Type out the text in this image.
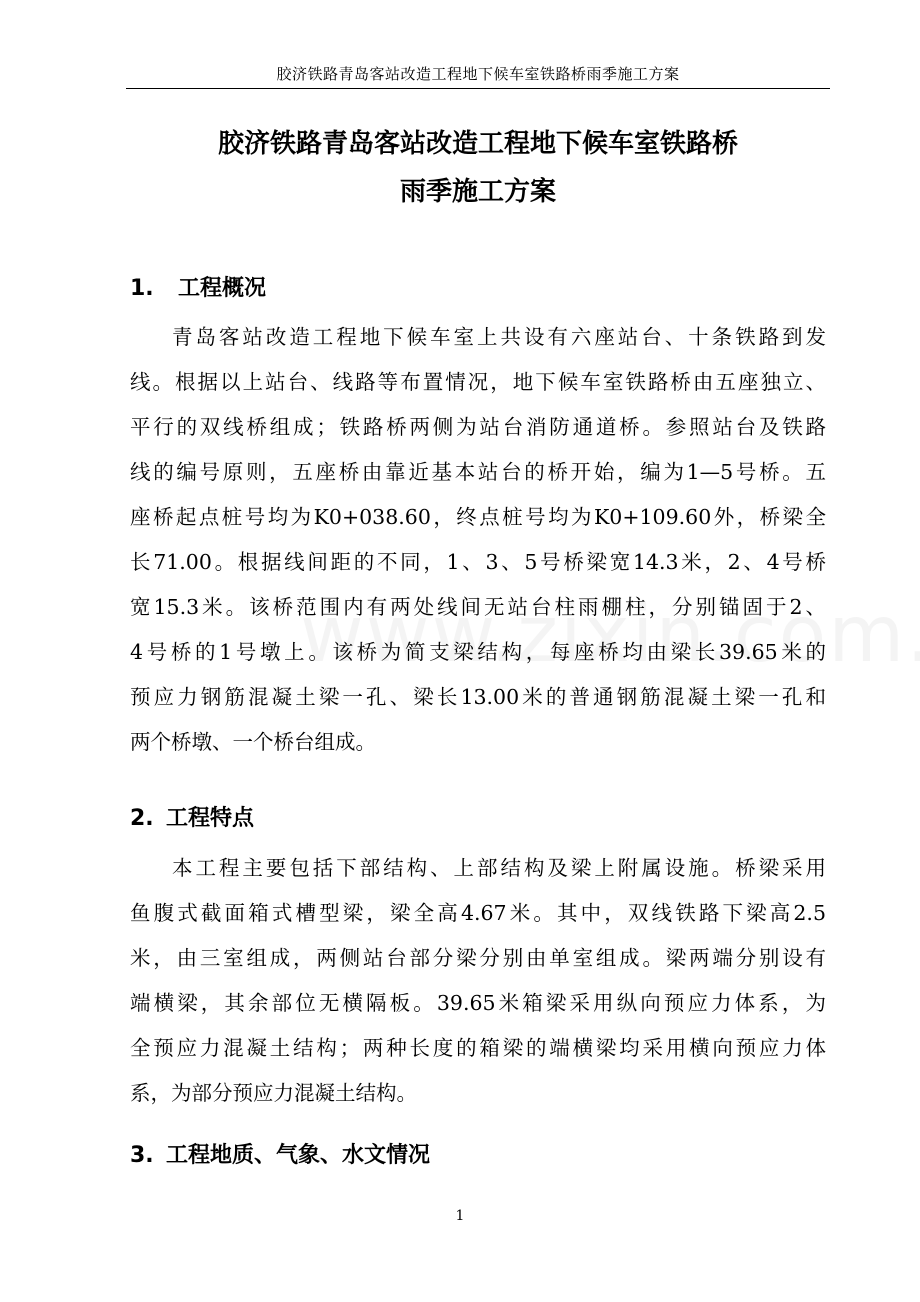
胶济铁路青岛客站改造工程地下候车室铁路桥雨季施工方案
胶济铁路青岛客站改造工程地下候车室铁路桥
雨季施工方案
1. 工程概况
青岛客站改造工程地下候车室上共设有六座站台、十条铁路到发
线。根据以上站台、线路等布置情况，地下候车室铁路桥由五座独立、
平行的双线桥组成；铁路桥两侧为站台消防通道桥。参照站台及铁路
线的编号原则，五座桥由靠近基本站台的桥开始，编为1—5号桥。五
座桥起点桩号均为K0+038.60，终点桩号均为K0+109.60外，桥梁全
长71.00。根据线间距的不同，1、3、5号桥梁宽14.3米，2、4号桥
宽15.3米。该桥范围内有两处线间无站台柱雨棚柱，分别锚固于2、
4号桥的1号墩上。该桥为简支梁结构，每座桥均由梁长39.65米的
预应力钢筋混凝土梁一孔、梁长13.00米的普通钢筋混凝土梁一孔和
两个桥墩、一个桥台组成。
2. 工程特点
本工程主要包括下部结构、上部结构及梁上附属设施。桥梁采用
鱼腹式截面箱式槽型梁，梁全高4.67米。其中，双线铁路下梁高2.5
米，由三室组成，两侧站台部分梁分别由单室组成。梁两端分别设有
端横梁，其余部位无横隔板。39.65米箱梁采用纵向预应力体系，为
全预应力混凝土结构；两种长度的箱梁的端横梁均采用横向预应力体
系，为部分预应力混凝土结构。
3. 工程地质、气象、水文情况
1
